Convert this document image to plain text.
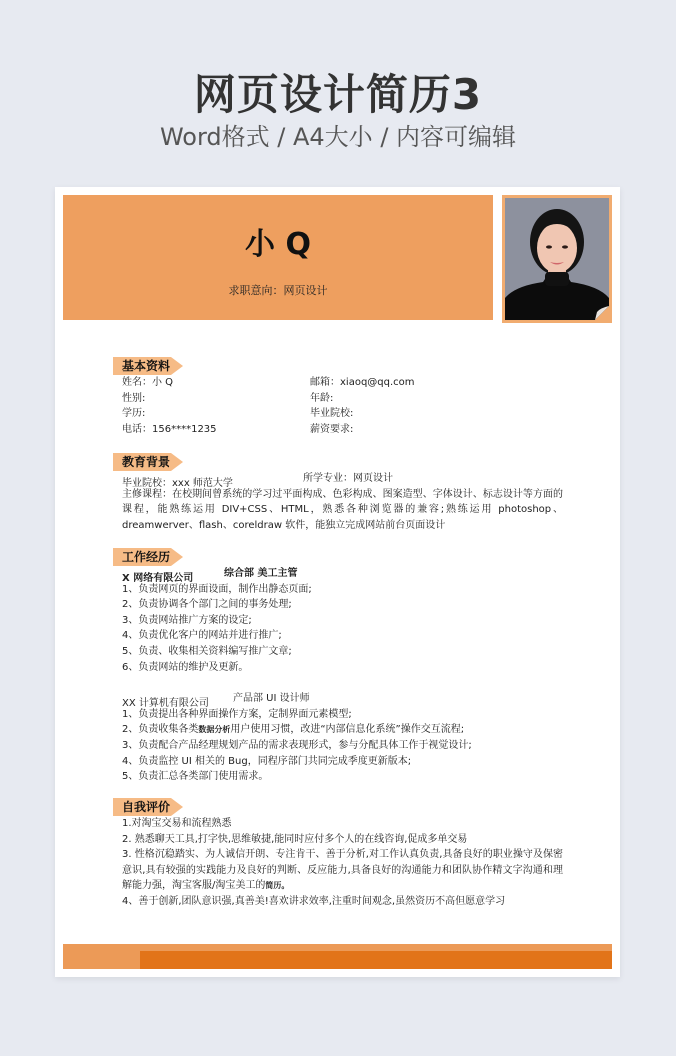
网页设计简历3
Word格式 / A4大小 / 内容可编辑
小 Q
求职意向：网页设计
基本资料
姓名：小 Q	邮箱：xiaoq@qq.com
性别:	年龄:
学历:	毕业院校:
电话：156****1235	薪资要求:
教育背景
毕业院校：xxx 师范大学	所学专业：网页设计
主修课程：在校期间曾系统的学习过平面构成、色彩构成、图案造型、字体设计、标志设计等方面的课程，能熟练运用 DIV+CSS、HTML，熟悉各种浏览器的兼容;熟练运用 photoshop、dreamwerver、flash、coreldraw 软件，能独立完成网站前台页面设计
工作经历
X 网络有限公司	综合部 美工主管
1、负责网页的界面设面，制作出静态页面;
2、负责协调各个部门之间的事务处理;
3、负责网站推广方案的设定;
4、负责优化客户的网站并进行推广;
5、负责、收集相关资料编写推广文章;
6、负责网站的维护及更新。
XX 计算机有限公司 产品部 UI 设计师
1、负责提出各种界面操作方案，定制界面元素模型;
2、负责收集各类数据分析用户使用习惯，改进“内部信息化系统”操作交互流程;
3、负责配合产品经理规划产品的需求表现形式，参与分配具体工作于视觉设计;
4、负责监控 UI 相关的 Bug，同程序部门共同完成季度更新版本;
5、负责汇总各类部门使用需求。
自我评价
1.对淘宝交易和流程熟悉
2. 熟悉聊天工具,打字快,思维敏捷,能同时应付多个人的在线咨询,促成多单交易
3. 性格沉稳踏实、为人诚信开朗、专注肯干、善于分析,对工作认真负责,具备良好的职业操守及保密意识,具有较强的实践能力及良好的判断、反应能力,具备良好的沟通能力和团队协作精文字沟通和理解能力强，淘宝客服/淘宝美工的简历。
4、善于创新,团队意识强,真善美!喜欢讲求效率,注重时间观念,虽然资历不高但愿意学习
